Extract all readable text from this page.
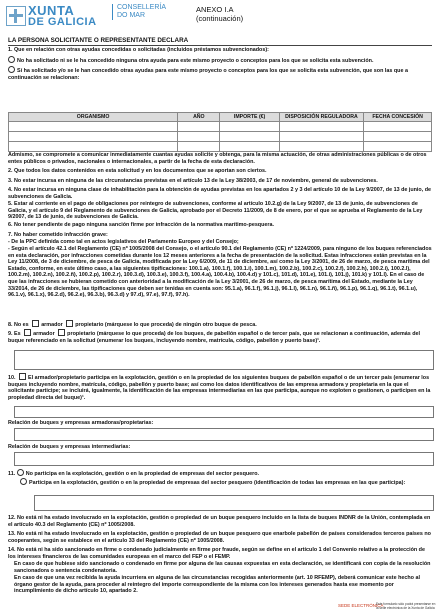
XUNTA
DE GALICIA
CONSELLERÍA
DO MAR
ANEXO I.A
(continuación)
LA PERSONA SOLICITANTE O REPRESENTANTE DECLARA
1. Que en relación con otras ayudas concedidas o solicitadas (incluidos préstamos subvencionados):
No ha solicitado ni se le ha concedido ninguna otra ayuda para este mismo proyecto o conceptos para los que se solicita esta subvención.
Sí ha solicitado y/o se le han concedido otras ayudas para este mismo proyecto o conceptos para los que se solicita esta subvención, que son las que a continuación se relacionan:
ORGANISMO	AÑO	IMPORTE (€)	DISPOSICIÓN REGULADORA	FECHA CONCESIÓN

Admismo, se compromete a comunicar inmediatamente cuantas ayudas solicite y obtenga, para la misma actuación, de otras administraciones públicas o de otros entes públicos o privados, nacionales o internacionales, a partir de la fecha de esta declaración.
2. Que todos los datos contenidos en esta solicitud y en los documentos que se aportan son ciertos.
3. No estar incursa en ninguna de las circunstancias previstas en el artículo 13 de la Ley 38/2003, de 17 de noviembre, general de subvenciones.
4. No estar incursa en ninguna clase de inhabilitación para la obtención de ayudas previstas en los apartados 2 y 3 del artículo 10 de la Ley 9/2007, de 13 de junio, de subvenciones de Galicia.
5. Estar al corriente en el pago de obligaciones por reintegro de subvenciones, conforme al artículo 10.2.g) de la Ley 9/2007, de 13 de junio, de subvenciones de Galicia, y el artículo 9 del Reglamento de subvenciones de Galicia, aprobado por el Decreto 11/2009, de 8 de enero, por el que se aprueba el Reglamento de la Ley 9/2007, de 13 de junio, de subvenciones de Galicia.
6. No tener pendiente de pago ninguna sanción firme por infracción de la normativa marítimo-pesquera.
7. No haber cometido infracción grave:
- De la PPC definida como tal en actos legislativos del Parlamento Europeo y del Consejo;
- Según el artículo 42.1 del Reglamento (CE) nº 1005/2008 del Consejo, o el artículo 90.1 del Reglamento (CE) nº 1224/2009, para ninguno de los buques referenciados en esta declaración, por infracciones cometidas durante los 12 meses anteriores a la fecha de presentación de la solicitud. Estas infracciones están previstas en la Ley 11/2008, de 3 de diciembre, de pesca de Galicia, modificada por la Ley 6/2009, de 11 de diciembre, así como la Ley 3/2001, de 26 de marzo, de pesca marítima del Estado, conforme, en este último caso, a las siguientes tipificaciones: 100.1.a), 100.1.f), 100.1.i), 100.1.m), 100.2.b), 100.2.c), 100.2.f), 100.2.h), 100.2.i), 100.2.l), 100.2.m), 100.2.n), 100.2.ñ), 100.2.p), 100.2.r), 100.3.d), 100.3.e), 100.3.f), 100.4.a), 100.4.b), 100.4.d) y 101.c), 101.d), 101.e), 101.i), 101.j), 101.k) y 101.l). En el caso de que las infracciones se hubieran cometido con anterioridad a la modificación de la Ley 3/2001, de 26 de marzo, de pesca marítima del Estado, mediante la Ley 33/2014, de 26 de diciembre, las tipificaciones que deben ser tenidas en cuenta son: 95.1.a), 96.1.f), 96.1.j), 96.1.l), 96.1.n), 96.1.ñ), 96.1.p), 96.1.q), 96.1.t), 96.1.u), 96.1.v), 96.1.x), 96.2.d), 96.2.e), 96.3.b), 96.3.d) y 97.d), 97.e), 97.f), 97.h).
8. No es armador propietario (márquese lo que proceda) de ningún otro buque de pesca.
9. Es armador propietario (márquese lo que proceda) de los buques, de pabellón español o de tercer país, que se relacionan a continuación, además del buque referenciado en la solicitud (enumerar los buques, incluyendo nombre, matrícula, código, pabellón y puerto base)¹.
10. El armador/propietario participa en la explotación, gestión o en la propiedad de los siguientes buques de pabellón español o de un tercer país (enumerar los buques incluyendo nombre, matrícula, código, pabellón y puerto base; así como los datos identificativos de las empresa armadora y propietaria en la que el solicitante participe; se incluirá, igualmente, la identificación de las empresas intermediarias en las que participa, aunque no exploten o gestionen, o participen en la propiedad directa del buque)¹.
Relación de buques y empresas armadoras/propietarias:
Relación de buques y empresas intermediarias:
11. No participa en la explotación, gestión o en la propiedad de empresas del sector pesquero.
Participa en la explotación, gestión o en la propiedad de empresas del sector pesquero (identificación de todas las empresas en las que participa):
12. No está ni ha estado involucrado en la explotación, gestión o propiedad de un buque pesquero incluido en la lista de buques INDNR de la Unión, contemplada en el artículo 40.3 del Reglamento (CE) nº 1005/2008.
13. No está ni ha estado involucrado en la explotación, gestión o propiedad de un buque pesquero que enarbole pabellón de países considerados terceros países no cooperantes, según se establece en el artículo 33 del Reglamento (CE) nº 1005/2008.
14. No está ni ha sido sancionado en firme o condenado judicialmente en firme por fraude, según se define en el artículo 1 del Convenio relativo a la protección de los intereses financieros de las comunidades europeas en el marco del FEP o el FEMP.
En caso de que hubiese sido sancionado o condenado en firme por alguna de las causas expuestas en esta declaración, se identificará con copia de la resolución sancionadora o sentencia condenatoria.
En caso de que una vez recibida la ayuda incurriera en alguna de las circunstancias recogidas anteriormente (art. 10 RFEMP), deberá comunicar este hecho al órgano gestor de la ayuda, para proceder al reintegro del importe correspondiente de la misma con los intereses generados hasta ese momento por incumplimiento de dicho artículo 10, apartado 2.
SEDE ELECTRÓNICA
Este formulario sólo podrá presentarse en la sede electrónica de la Xunta de Galicia
